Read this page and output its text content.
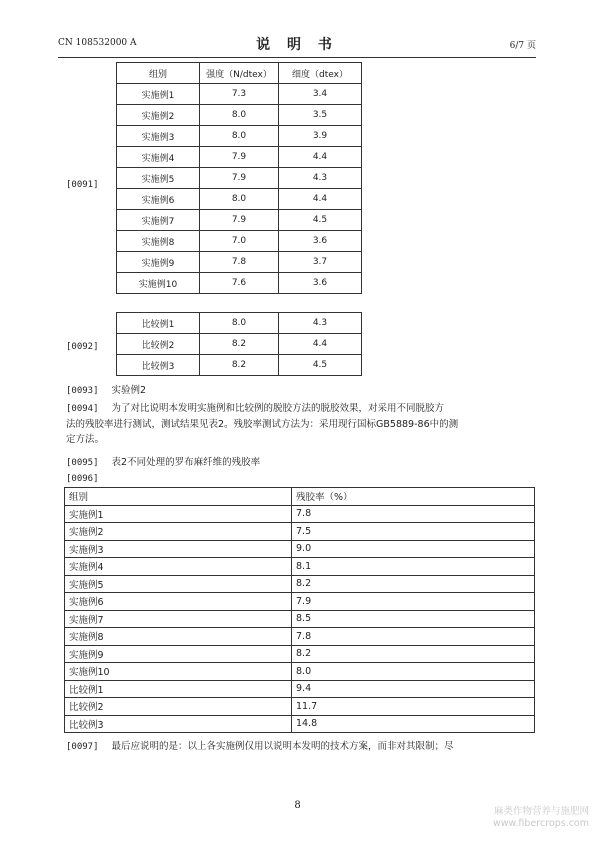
CN 108532000 A	说 明 书	6/7 页
[0091]
组别	强度（N/dtex）	细度（dtex）
实施例1	7.3	3.4
实施例2	8.0	3.5
实施例3	8.0	3.9
实施例4	7.9	4.4
实施例5	7.9	4.3
实施例6	8.0	4.4
实施例7	7.9	4.5
实施例8	7.0	3.6
实施例9	7.8	3.7
实施例10	7.6	3.6
[0092]
比较例1	8.0	4.3
比较例2	8.2	4.4
比较例3	8.2	4.5
[0093] 实验例2
[0094] 为了对比说明本发明实施例和比较例的脱胶方法的脱胶效果，对采用不同脱胶方
法的残胶率进行测试，测试结果见表2。残胶率测试方法为：采用现行国标GB5889-86中的测
定方法。
[0095] 表2不同处理的罗布麻纤维的残胶率
[0096]
组别	残胶率（%）
实施例1	7.8
实施例2	7.5
实施例3	9.0
实施例4	8.1
实施例5	8.2
实施例6	7.9
实施例7	8.5
实施例8	7.8
实施例9	8.2
实施例10	8.0
比较例1	9.4
比较例2	11.7
比较例3	14.8
[0097] 最后应说明的是：以上各实施例仅用以说明本发明的技术方案，而非对其限制；尽
8
麻类作物营养与施肥网
www.fibercrops.com
